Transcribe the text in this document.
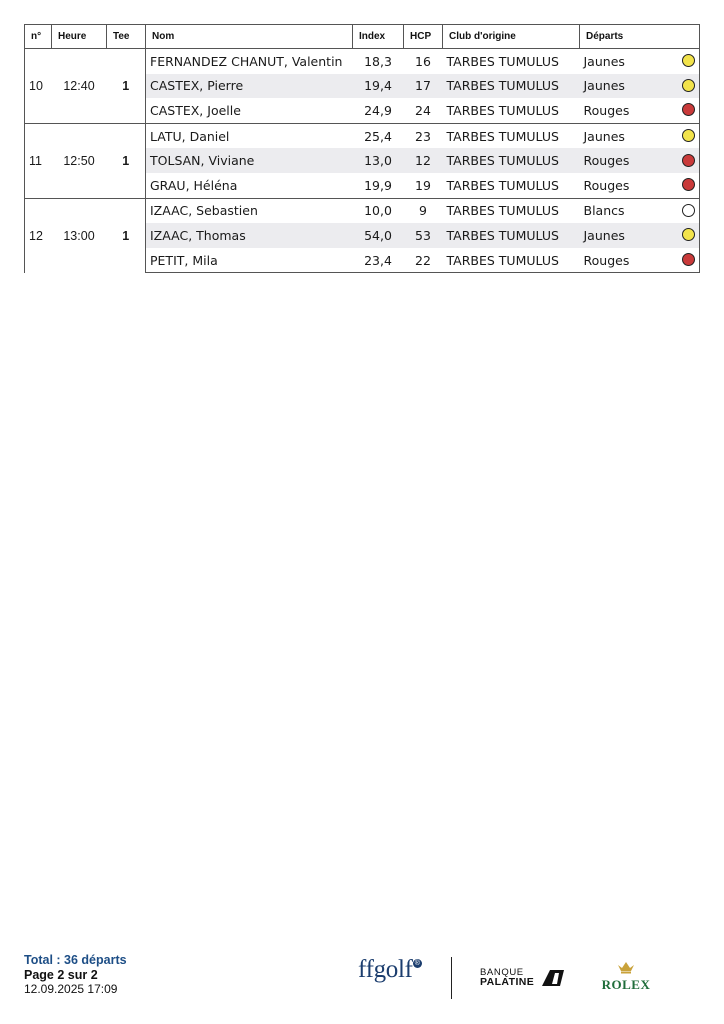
n°	Heure	Tee	Nom	Index	HCP	Club d'origine	Départs
10	12:40	1	FERNANDEZ CHANUT, Valentin	18,3	16	TARBES TUMULUS	Jaunes

			CASTEX, Pierre	19,4	17	TARBES TUMULUS	Jaunes

			CASTEX, Joelle	24,9	24	TARBES TUMULUS	Rouges

11	12:50	1	LATU, Daniel	25,4	23	TARBES TUMULUS	Jaunes

			TOLSAN, Viviane	13,0	12	TARBES TUMULUS	Rouges

			GRAU, Héléna	19,9	19	TARBES TUMULUS	Rouges

12	13:00	1	IZAAC, Sebastien	10,0	9	TARBES TUMULUS	Blancs

			IZAAC, Thomas	54,0	53	TARBES TUMULUS	Jaunes

			PETIT, Mila	23,4	22	TARBES TUMULUS	Rouges
Total : 36 départs
Page 2 sur 2
12.09.2025 17:09
ffgolf ®
BANQUE
PALATINE	ROLEX
